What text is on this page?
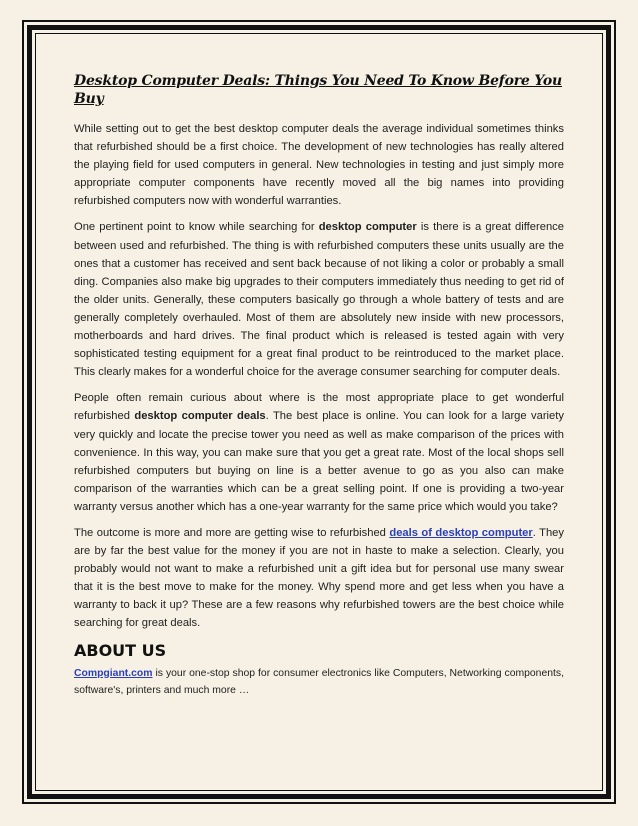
Desktop Computer Deals: Things You Need To Know Before You Buy

While setting out to get the best desktop computer deals the average individual sometimes thinks that refurbished should be a first choice. The development of new technologies has really altered the playing field for used computers in general. New technologies in testing and just simply more appropriate computer components have recently moved all the big names into providing refurbished computers now with wonderful warranties.

One pertinent point to know while searching for desktop computer is there is a great difference between used and refurbished. The thing is with refurbished computers these units usually are the ones that a customer has received and sent back because of not liking a color or probably a small ding. Companies also make big upgrades to their computers immediately thus needing to get rid of the older units. Generally, these computers basically go through a whole battery of tests and are generally completely overhauled. Most of them are absolutely new inside with new processors, motherboards and hard drives. The final product which is released is tested again with very sophisticated testing equipment for a great final product to be reintroduced to the market place. This clearly makes for a wonderful choice for the average consumer searching for computer deals.

People often remain curious about where is the most appropriate place to get wonderful refurbished desktop computer deals. The best place is online. You can look for a large variety very quickly and locate the precise tower you need as well as make comparison of the prices with convenience. In this way, you can make sure that you get a great rate. Most of the local shops sell refurbished computers but buying on line is a better avenue to go as you also can make comparison of the warranties which can be a great selling point. If one is providing a two-year warranty versus another which has a one-year warranty for the same price which would you take?

The outcome is more and more are getting wise to refurbished deals of desktop computer. They are by far the best value for the money if you are not in haste to make a selection. Clearly, you probably would not want to make a refurbished unit a gift idea but for personal use many swear that it is the best move to make for the money. Why spend more and get less when you have a warranty to back it up? These are a few reasons why refurbished towers are the best choice while searching for great deals.

ABOUT US

Compgiant.com is your one-stop shop for consumer electronics like Computers, Networking components, software's, printers and much more …
